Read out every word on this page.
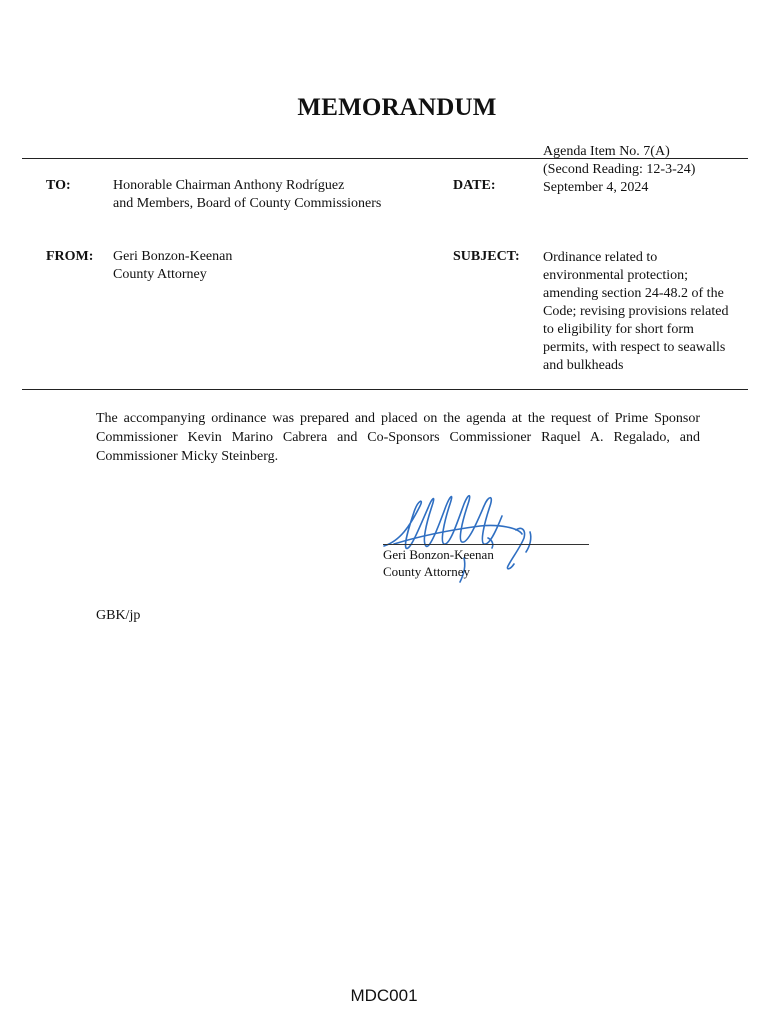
MEMORANDUM
Agenda Item No. 7(A)
(Second Reading: 12-3-24)
September 4, 2024
TO:	Honorable Chairman Anthony Rodríguez
and Members, Board of County Commissioners
DATE:
FROM: Geri Bonzon-Keenan
County Attorney
SUBJECT: Ordinance related to
environmental protection;
amending section 24-48.2 of the
Code; revising provisions related
to eligibility for short form
permits, with respect to seawalls
and bulkheads
The accompanying ordinance was prepared and placed on the agenda at the request of Prime Sponsor Commissioner Kevin Marino Cabrera and Co-Sponsors Commissioner Raquel A. Regalado, and Commissioner Micky Steinberg.
Geri Bonzon-Keenan
County Attorney
GBK/jp
MDC001
